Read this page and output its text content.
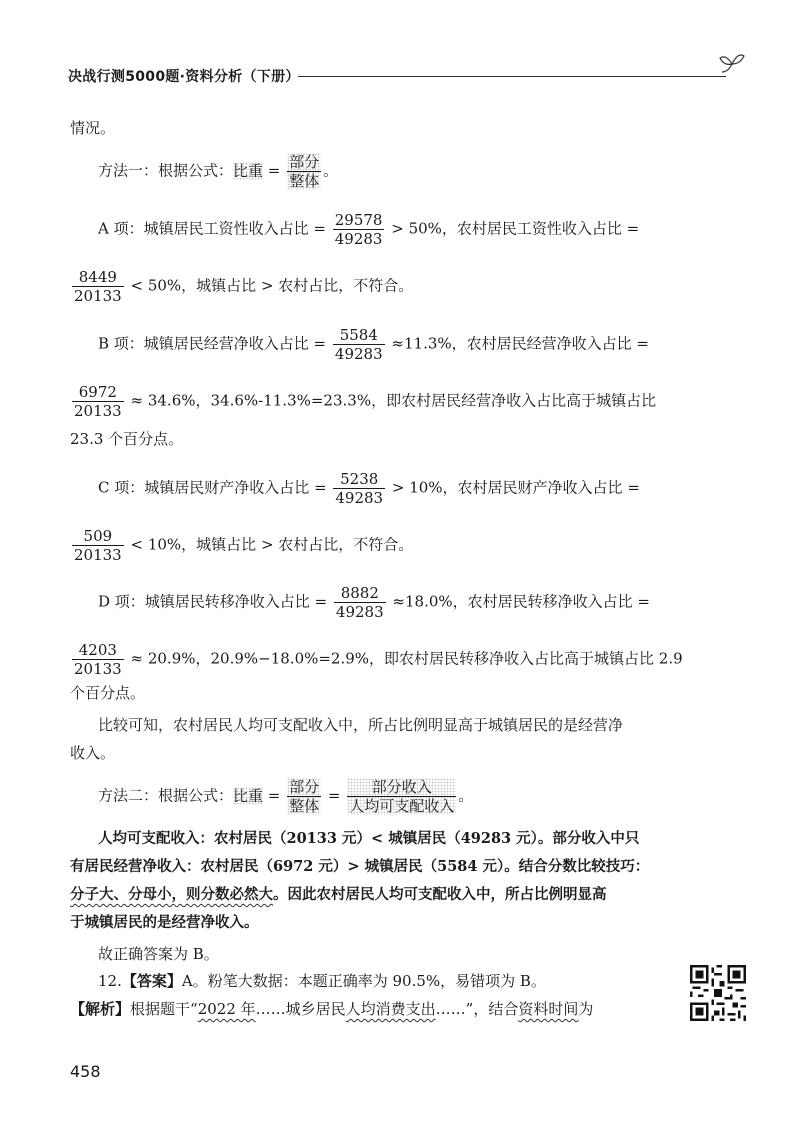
决战行测5000题·资料分析（下册）
情况。
方法一：根据公式：比重 = $\frac{\text{部分}}{\text{整体}}$ 。
A 项：城镇居民工资性收入占比 = $\frac{29578}{49283} > 50\%$，农村居民工资性收入占比 =
$\frac{8449}{20133} < 50\%$，城镇占比 > 农村占比，不符合。
B 项：城镇居民经营净收入占比 = $\frac{5584}{49283} \approx 11.3\%$，农村居民经营净收入占比 =
$\frac{6972}{20133} \approx 34.6\%$，34.6%-11.3%=23.3%，即农村居民经营净收入占比高于城镇占比
23.3 个百分点。
C 项：城镇居民财产净收入占比 = $\frac{5238}{49283} > 10\%$，农村居民财产净收入占比 =
$\frac{509}{20133} < 10\%$，城镇占比 > 农村占比，不符合。
D 项：城镇居民转移净收入占比 = $\frac{8882}{49283} \approx 18.0\%$，农村居民转移净收入占比 =
$\frac{4203}{20133} \approx 20.9\%$，20.9%−18.0%=2.9%，即农村居民转移净收入占比高于城镇占比 2.9
个百分点。
比较可知，农村居民人均可支配收入中，所占比例明显高于城镇居民的是经营净
收入。
方法二：根据公式：比重 = $\frac{\text{部分}}{\text{整体}} = \frac{\text{部分收入}}{\text{人均可支配收入}}$ 。
人均可支配收入：农村居民（20133 元）< 城镇居民（49283 元）。部分收入中只
有居民经营净收入：农村居民（6972 元）> 城镇居民（5584 元）。结合分数比较技巧：
分子大、分母小，则分数必然大。因此农村居民人均可支配收入中，所占比例明显高
于城镇居民的是经营净收入。
故正确答案为 B。
12.【答案】A。粉笔大数据：本题正确率为 90.5%，易错项为 B。
【解析】根据题干“2022 年……城乡居民人均消费支出……”，结合资料时间为
458
